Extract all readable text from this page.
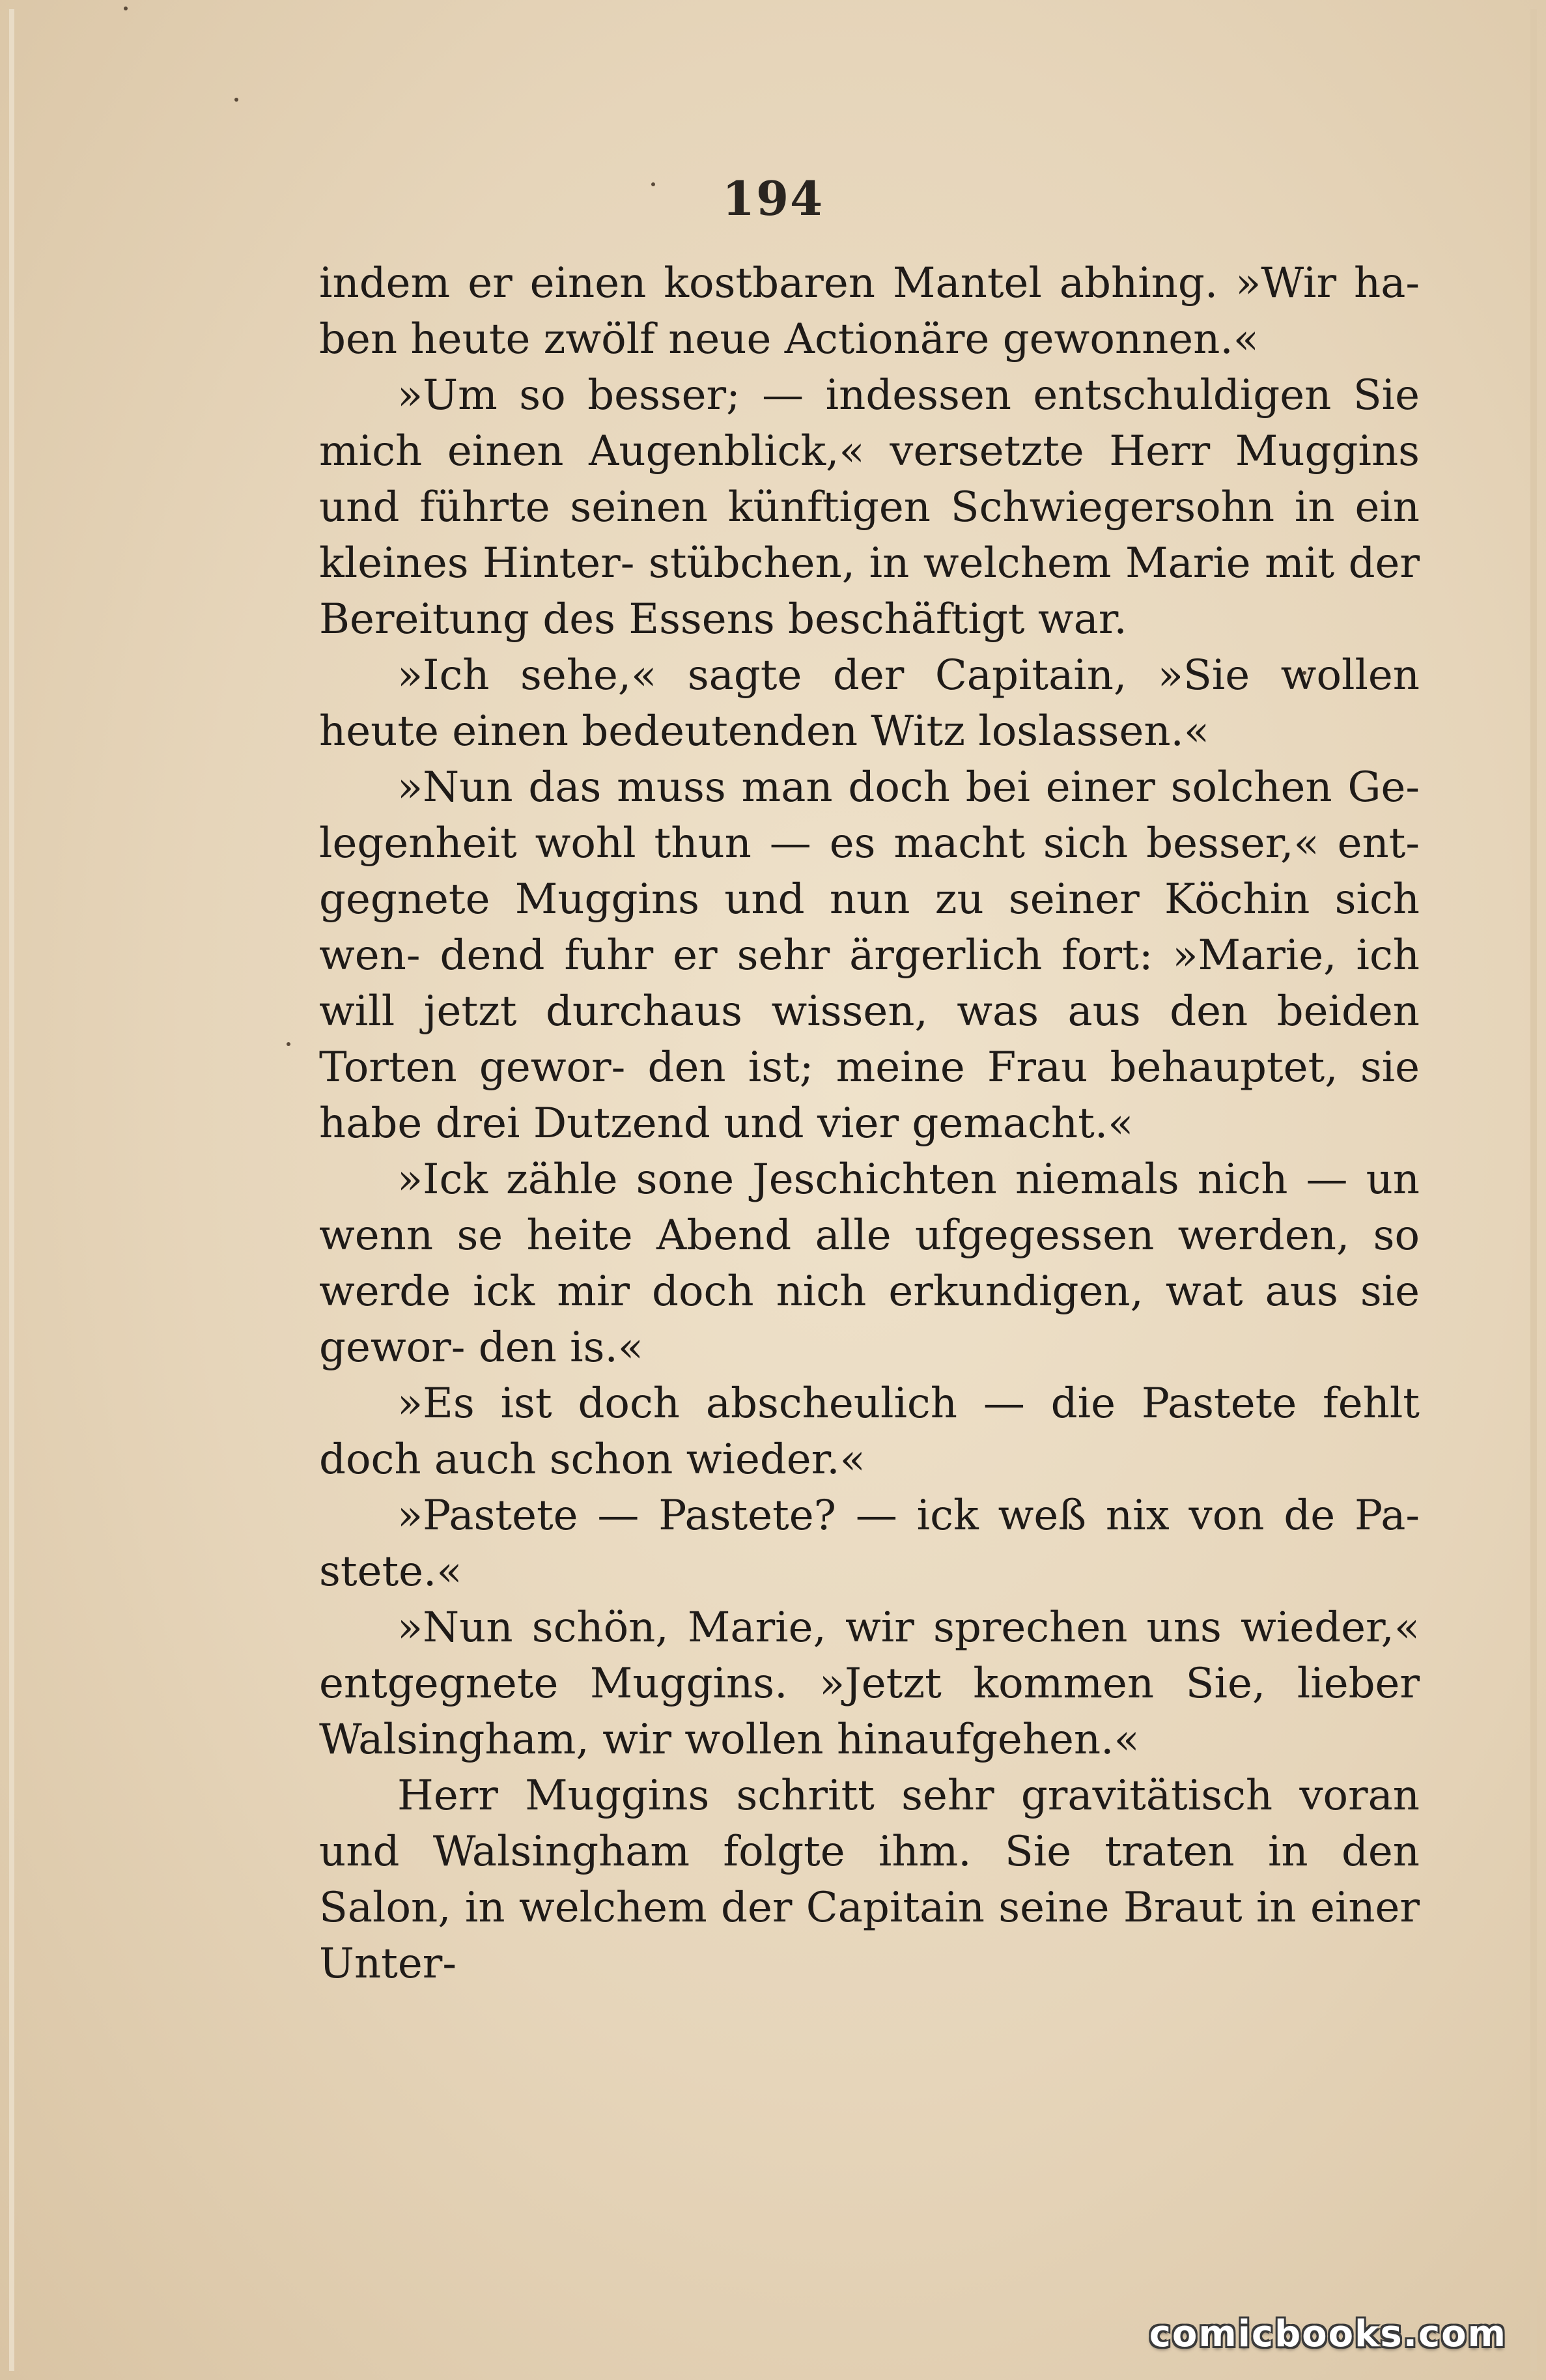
194

indem er einen kostbaren Mantel abhing. »Wir ha- ben heute zwölf neue Actionäre gewonnen.«

»Um so besser; — indessen entschuldigen Sie mich einen Augenblick,« versetzte Herr Muggins und führte seinen künftigen Schwiegersohn in ein kleines Hinter- stübchen, in welchem Marie mit der Bereitung des Essens beschäftigt war.

»Ich sehe,« sagte der Capitain, »Sie wollen heute einen bedeutenden Witz loslassen.«

»Nun das muss man doch bei einer solchen Ge- legenheit wohl thun — es macht sich besser,« ent- gegnete Muggins und nun zu seiner Köchin sich wen- dend fuhr er sehr ärgerlich fort: »Marie, ich will jetzt durchaus wissen, was aus den beiden Torten gewor- den ist; meine Frau behauptet, sie habe drei Dutzend und vier gemacht.«

»Ick zähle sone Jeschichten niemals nich — un wenn se heite Abend alle ufgegessen werden, so werde ick mir doch nich erkundigen, wat aus sie gewor- den is.«

»Es ist doch abscheulich — die Pastete fehlt doch auch schon wieder.«

»Pastete — Pastete? — ick weß nix von de Pa- stete.«

»Nun schön, Marie, wir sprechen uns wieder,« entgegnete Muggins. »Jetzt kommen Sie, lieber Walsingham, wir wollen hinaufgehen.«

Herr Muggins schritt sehr gravitätisch voran und Walsingham folgte ihm. Sie traten in den Salon, in welchem der Capitain seine Braut in einer Unter-

comicbooks.com
